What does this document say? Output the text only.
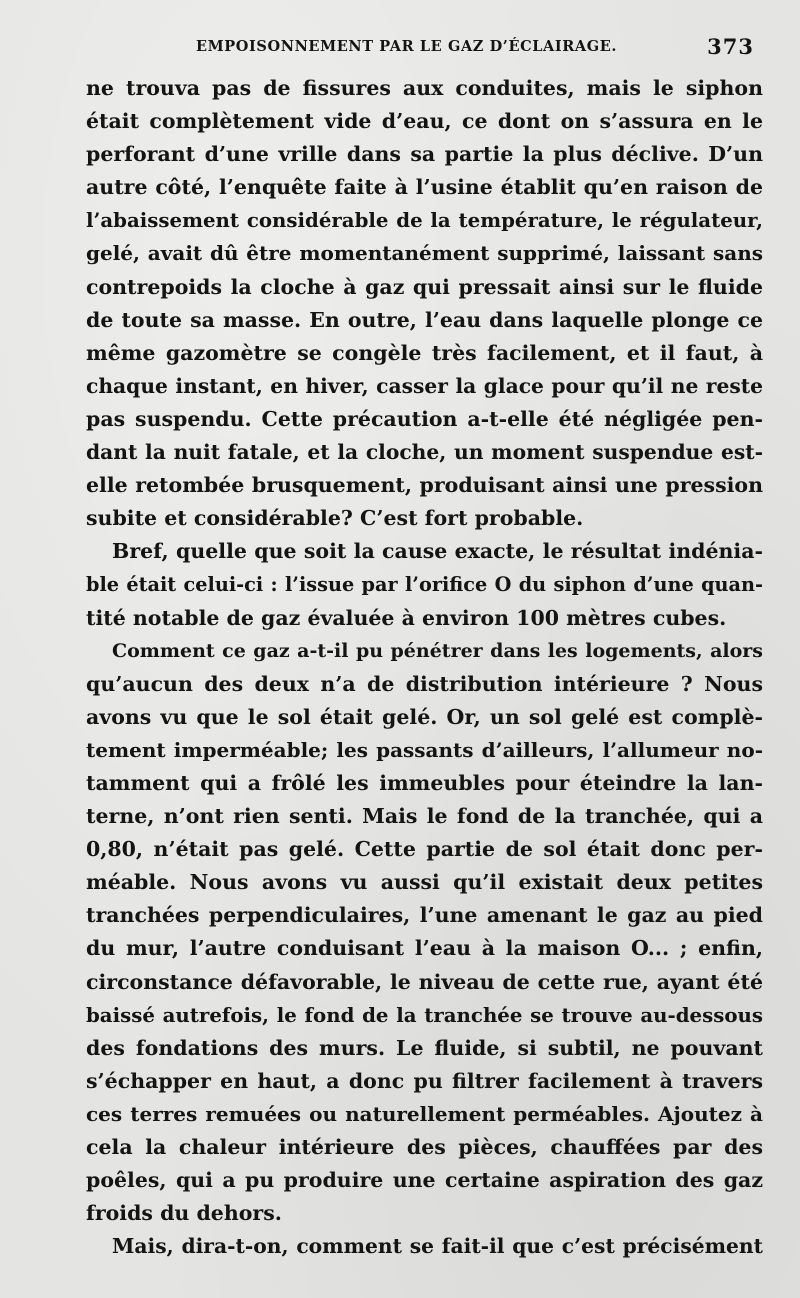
EMPOISONNEMENT PAR LE GAZ D’ÉCLAIRAGE.	373
ne trouva pas de fissures aux conduites, mais le siphon
était complètement vide d’eau, ce dont on s’assura en le
perforant d’une vrille dans sa partie la plus déclive. D’un
autre côté, l’enquête faite à l’usine établit qu’en raison de
l’abaissement considérable de la température, le régulateur,
gelé, avait dû être momentanément supprimé, laissant sans
contrepoids la cloche à gaz qui pressait ainsi sur le fluide
de toute sa masse. En outre, l’eau dans laquelle plonge ce
même gazomètre se congèle très facilement, et il faut, à
chaque instant, en hiver, casser la glace pour qu’il ne reste
pas suspendu. Cette précaution a-t-elle été négligée pen-
dant la nuit fatale, et la cloche, un moment suspendue est-
elle retombée brusquement, produisant ainsi une pression
subite et considérable? C’est fort probable.
Bref, quelle que soit la cause exacte, le résultat indénia-
ble était celui-ci : l’issue par l’orifice O du siphon d’une quan-
tité notable de gaz évaluée à environ 100 mètres cubes.
Comment ce gaz a-t-il pu pénétrer dans les logements, alors
qu’aucun des deux n’a de distribution intérieure ? Nous
avons vu que le sol était gelé. Or, un sol gelé est complè-
tement imperméable; les passants d’ailleurs, l’allumeur no-
tamment qui a frôlé les immeubles pour éteindre la lan-
terne, n’ont rien senti. Mais le fond de la tranchée, qui a
0,80, n’était pas gelé. Cette partie de sol était donc per-
méable. Nous avons vu aussi qu’il existait deux petites
tranchées perpendiculaires, l’une amenant le gaz au pied
du mur, l’autre conduisant l’eau à la maison O... ; enfin,
circonstance défavorable, le niveau de cette rue, ayant été
baissé autrefois, le fond de la tranchée se trouve au-dessous
des fondations des murs. Le fluide, si subtil, ne pouvant
s’échapper en haut, a donc pu filtrer facilement à travers
ces terres remuées ou naturellement perméables. Ajoutez à
cela la chaleur intérieure des pièces, chauffées par des
poêles, qui a pu produire une certaine aspiration des gaz
froids du dehors.
Mais, dira-t-on, comment se fait-il que c’est précisément
